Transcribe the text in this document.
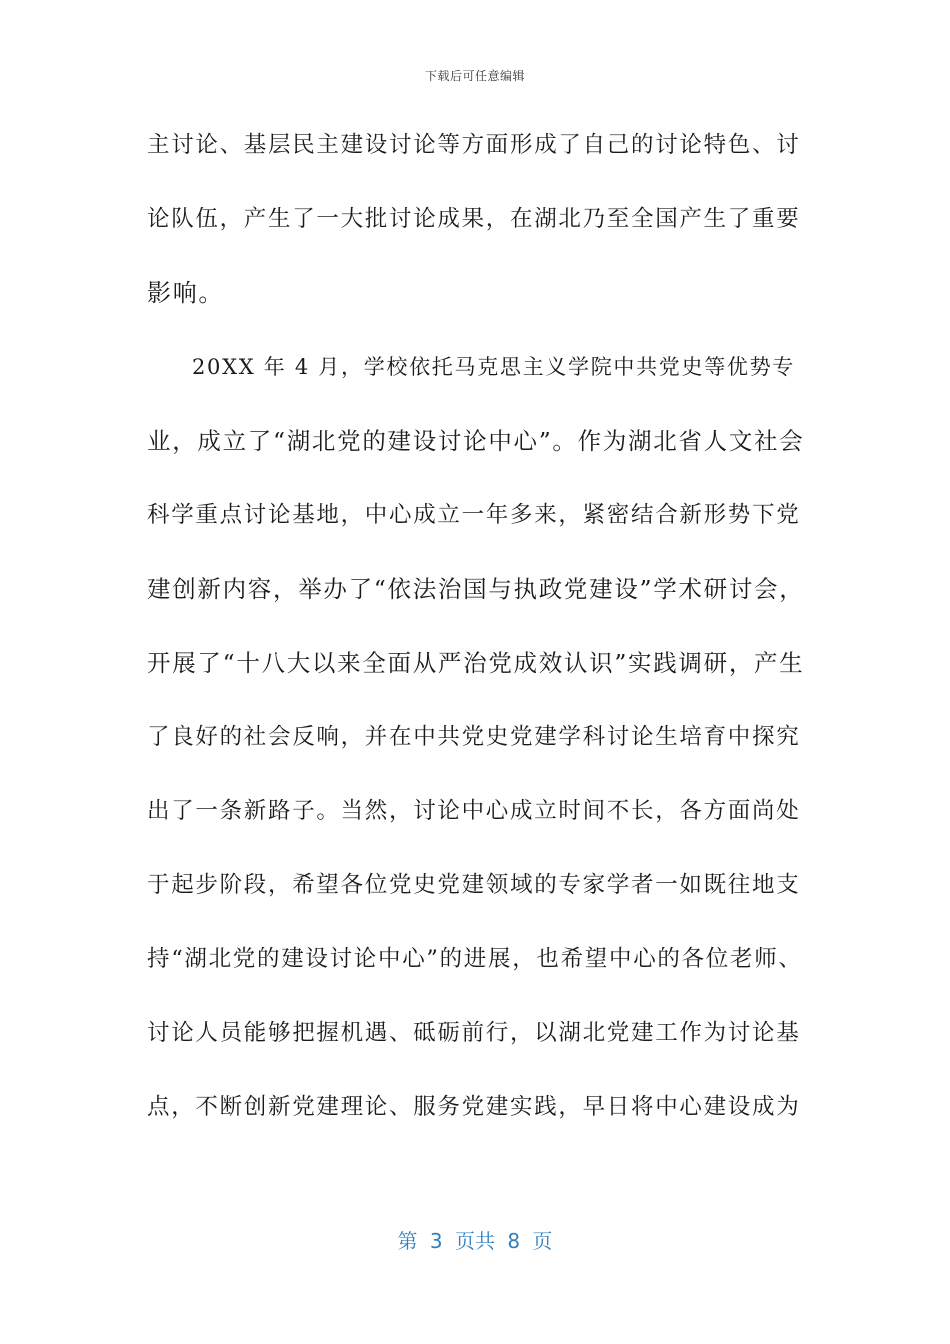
下载后可任意编辑
主讨论、基层民主建设讨论等方面形成了自己的讨论特色、讨
论队伍，产生了一大批讨论成果，在湖北乃至全国产生了重要
影响。
20XX 年 4 月，学校依托马克思主义学院中共党史等优势专
业，成立了“湖北党的建设讨论中心”。作为湖北省人文社会
科学重点讨论基地，中心成立一年多来，紧密结合新形势下党
建创新内容，举办了“依法治国与执政党建设”学术研讨会，
开展了“十八大以来全面从严治党成效认识”实践调研，产生
了良好的社会反响，并在中共党史党建学科讨论生培育中探究
出了一条新路子。当然，讨论中心成立时间不长，各方面尚处
于起步阶段，希望各位党史党建领域的专家学者一如既往地支
持“湖北党的建设讨论中心”的进展，也希望中心的各位老师、
讨论人员能够把握机遇、砥砺前行，以湖北党建工作为讨论基
点，不断创新党建理论、服务党建实践，早日将中心建设成为
第 3 页共 8 页
